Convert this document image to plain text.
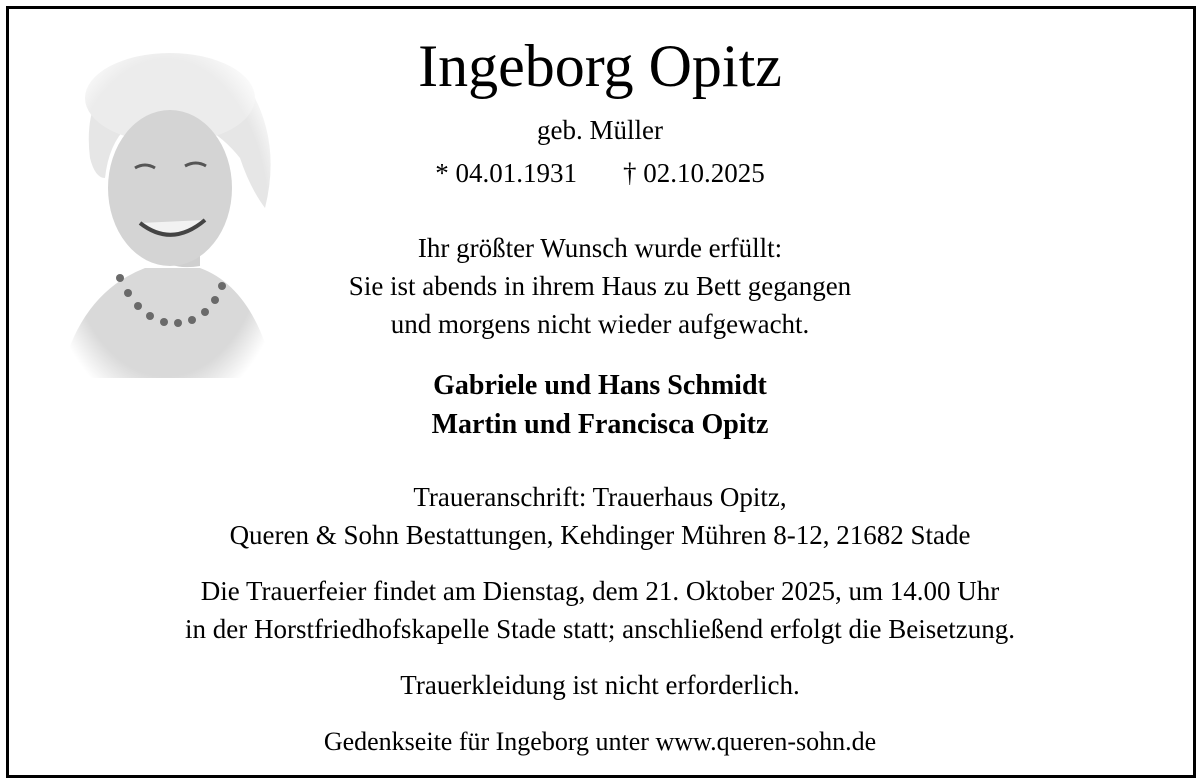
Ingeborg Opitz

geb. Müller

* 04.01.1931 † 02.10.2025

Ihr größter Wunsch wurde erfüllt:

Sie ist abends in ihrem Haus zu Bett gegangen

und morgens nicht wieder aufgewacht.

Gabriele und Hans Schmidt

Martin und Francisca Opitz

Traueranschrift: Trauerhaus Opitz,

Queren & Sohn Bestattungen, Kehdinger Mühren 8-12, 21682 Stade

Die Trauerfeier findet am Dienstag, dem 21. Oktober 2025, um 14.00 Uhr

in der Horstfriedhofskapelle Stade statt; anschließend erfolgt die Beisetzung.

Trauerkleidung ist nicht erforderlich.

Gedenkseite für Ingeborg unter www.queren-sohn.de
